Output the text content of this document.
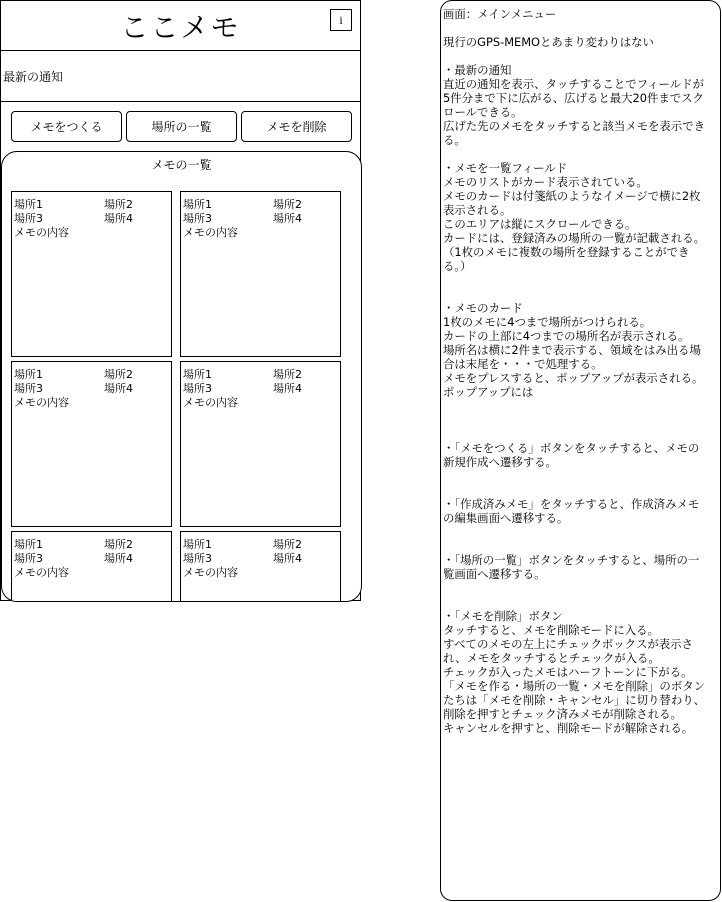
ここメモ	i
最新の通知
メモをつくる	場所の一覧	メモを削除
メモの一覧
場所1	場所2
場所3	場所4
メモの内容
場所1	場所2
場所3	場所4
メモの内容
場所1	場所2
場所3	場所4
メモの内容
場所1	場所2
場所3	場所4
メモの内容
場所1	場所2
場所3	場所4
メモの内容
場所1	場所2
場所3	場所4
メモの内容
画面：メインメニュー
現行のGPS-MEMOとあまり変わりはない
・最新の通知
直近の通知を表示、タッチすることでフィールドが
5件分まで下に広がる、広げると最大20件までスク
ロールできる。
広げた先のメモをタッチすると該当メモを表示でき
る。
・メモを一覧フィールド
メモのリストがカード表示されている。
メモのカードは付箋紙のようなイメージで横に2枚
表示される。
このエリアは縦にスクロールできる。
カードには、登録済みの場所の一覧が記載される。
（1枚のメモに複数の場所を登録することができ
る。）
・メモのカード
1枚のメモに4つまで場所がつけられる。
カードの上部に4つまでの場所名が表示される。
場所名は横に2件まで表示する、領域をはみ出る場
合は末尾を・・・で処理する。
メモをプレスすると、ポップアップが表示される。
ポップアップには
・「メモをつくる」ボタンをタッチすると、メモの
新規作成へ遷移する。
・「作成済みメモ」をタッチすると、作成済みメモ
の編集画面へ遷移する。
・「場所の一覧」ボタンをタッチすると、場所の一
覧画面へ遷移する。
・「メモを削除」ボタン
タッチすると、メモを削除モードに入る。
すべてのメモの左上にチェックボックスが表示さ
れ、メモをタッチするとチェックが入る。
チェックが入ったメモはハーフトーンに下がる。
「メモを作る・場所の一覧・メモを削除」のボタン
たちは「メモを削除・キャンセル」に切り替わり、
削除を押すとチェック済みメモが削除される。
キャンセルを押すと、削除モードが解除される。
